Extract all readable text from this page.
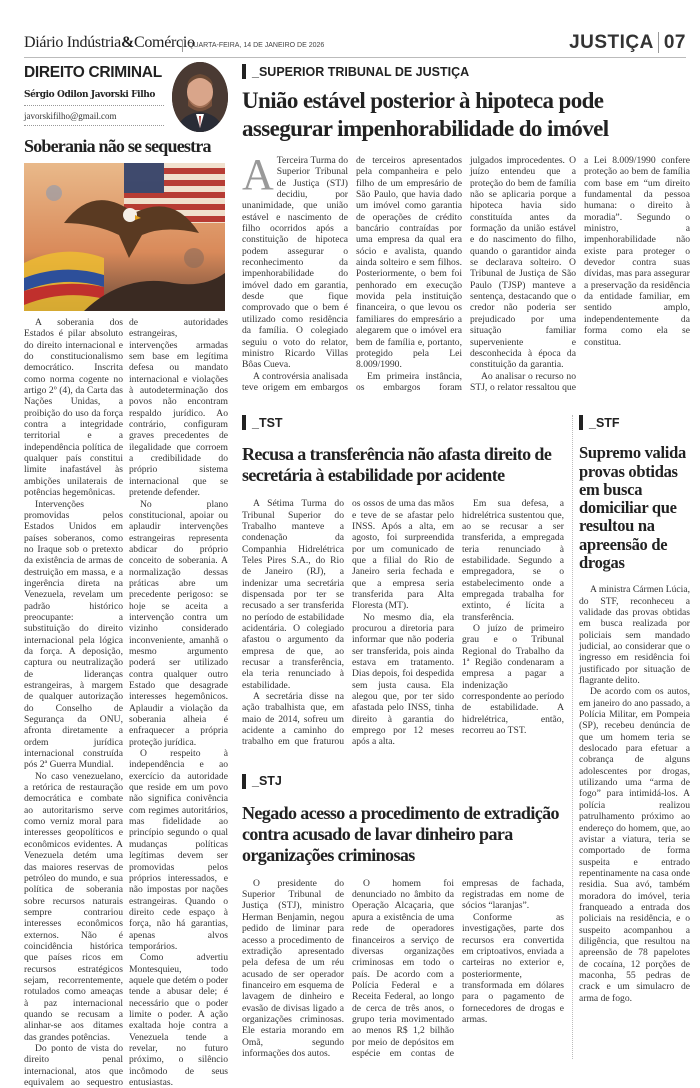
Diário Indústria&Comércio
QUARTA-FEIRA, 14 DE JANEIRO DE 2026	JUSTIÇA 07
DIREITO CRIMINAL
Sérgio Odilon Javorski Filho
javorskifilho@gmail.com
Soberania não se sequestra

A soberania dos Estados é pilar absoluto do direito internacional e do constitucionalismo democrático. Inscrita como norma cogente no artigo 2º (4), da Carta das Nações Unidas, a proibição do uso da força contra a integridade territorial e a independência política de qualquer país constitui limite inafastável às ambições unilaterais de potências hegemônicas.

Intervenções promovidas pelos Estados Unidos em países soberanos, como no Iraque sob o pretexto da existência de armas de destruição em massa, e a ingerência direta na Venezuela, revelam um padrão histórico preocupante: a substituição do direito internacional pela lógica da força. A deposição, captura ou neutralização de lideranças estrangeiras, à margem de qualquer autorização do Conselho de Segurança da ONU, afronta diretamente a ordem jurídica internacional construída pós 2ª Guerra Mundial.

No caso venezuelano, a retórica de restauração democrática e combate ao autoritarismo serve como verniz moral para interesses geopolíticos e econômicos evidentes. A Venezuela detém uma das maiores reservas de petróleo do mundo, e sua política de soberania sobre recursos naturais sempre contrariou interesses econômicos externos. Não é coincidência histórica que países ricos em recursos estratégicos sejam, recorrentemente, rotulados como ameaças à paz internacional quando se recusam a alinhar-se aos ditames das grandes potências.

Do ponto de vista do direito penal internacional, atos que equivalem ao sequestro de autoridades estrangeiras, intervenções armadas sem base em legítima defesa ou mandato internacional e violações à autodeterminação dos povos não encontram respaldo jurídico. Ao contrário, configuram graves precedentes de ilegalidade que corroem a credibilidade do próprio sistema internacional que se pretende defender.

No plano constitucional, apoiar ou aplaudir intervenções estrangeiras representa abdicar do próprio conceito de soberania. A normalização dessas práticas abre um precedente perigoso: se hoje se aceita a intervenção contra um vizinho considerado inconveniente, amanhã o mesmo argumento poderá ser utilizado contra qualquer outro Estado que desagrade interesses hegemônicos. Aplaudir a violação da soberania alheia é enfraquecer a própria proteção jurídica.

O respeito à independência e ao exercício da autoridade que reside em um povo não significa conivência com regimes autoritários, mas fidelidade ao princípio segundo o qual mudanças políticas legítimas devem ser promovidas pelos próprios interessados, e não impostas por nações estrangeiras. Quando o direito cede espaço à força, não há garantias, apenas alvos temporários.

Como advertiu Montesquieu, todo aquele que detém o poder tende a abusar dele; é necessário que o poder limite o poder. A ação exaltada hoje contra a Venezuela tende a revelar, no futuro próximo, o silêncio incômodo de seus entusiastas.

_SUPERIOR TRIBUNAL DE JUSTIÇA
União estável posterior à hipoteca pode assegurar impenhorabilidade do imóvel

A Terceira Turma do Superior Tribunal de Justiça (STJ) decidiu, por unanimidade, que união estável e nascimento de filho ocorridos após a constituição de hipoteca podem assegurar o reconhecimento da impenhorabilidade do imóvel dado em garantia, desde que fique comprovado que o bem é utilizado como residência da família. O colegiado seguiu o voto do relator, ministro Ricardo Villas Bôas Cueva.

A controvérsia analisada teve origem em embargos de terceiros apresentados pela companheira e pelo filho de um empresário de São Paulo, que havia dado um imóvel como garantia de operações de crédito bancário contraídas por uma empresa da qual era sócio e avalista, quando ainda solteiro e sem filhos. Posteriormente, o bem foi penhorado em execução movida pela instituição financeira, o que levou os familiares do empresário a alegarem que o imóvel era bem de família e, portanto, protegido pela Lei 8.009/1990.

Em primeira instância, os embargos foram julgados improcedentes. O juízo entendeu que a proteção do bem de família não se aplicaria porque a hipoteca havia sido constituída antes da formação da união estável e do nascimento do filho, quando o garantidor ainda se declarava solteiro. O Tribunal de Justiça de São Paulo (TJSP) manteve a sentença, destacando que o credor não poderia ser prejudicado por uma situação familiar superveniente e desconhecida à época da constituição da garantia.

Ao analisar o recurso no STJ, o relator ressaltou que a Lei 8.009/1990 confere proteção ao bem de família com base em “um direito fundamental da pessoa humana: o direito à moradia”. Segundo o ministro, a impenhorabilidade não existe para proteger o devedor contra suas dívidas, mas para assegurar a preservação da residência da entidade familiar, em sentido amplo, independentemente da forma como ela se constitua.

_TST
Recusa a transferência não afasta direito de secretária à estabilidade por acidente

A Sétima Turma do Tribunal Superior do Trabalho manteve a condenação da Companhia Hidrelétrica Teles Pires S.A., do Rio de Janeiro (RJ), a indenizar uma secretária dispensada por ter se recusado a ser transferida no período de estabilidade acidentária. O colegiado afastou o argumento da empresa de que, ao recusar a transferência, ela teria renunciado à estabilidade.

A secretária disse na ação trabalhista que, em maio de 2014, sofreu um acidente a caminho do trabalho em que fraturou os ossos de uma das mãos e teve de se afastar pelo INSS. Após a alta, em agosto, foi surpreendida por um comunicado de que a filial do Rio de Janeiro seria fechada e que a empresa seria transferida para Alta Floresta (MT).

No mesmo dia, ela procurou a diretoria para informar que não poderia ser transferida, pois ainda estava em tratamento. Dias depois, foi despedida sem justa causa. Ela alegou que, por ter sido afastada pelo INSS, tinha direito à garantia do emprego por 12 meses após a alta.

Em sua defesa, a hidrelétrica sustentou que, ao se recusar a ser transferida, a empregada teria renunciado à estabilidade. Segundo a empregadora, se o estabelecimento onde a empregada trabalha for extinto, é lícita a transferência.

O juízo de primeiro grau e o Tribunal Regional do Trabalho da 1ª Região condenaram a empresa a pagar a indenização correspondente ao período de estabilidade. A hidrelétrica, então, recorreu ao TST.

_STJ
Negado acesso a procedimento de extradição contra acusado de lavar dinheiro para organizações criminosas

O presidente do Superior Tribunal de Justiça (STJ), ministro Herman Benjamin, negou pedido de liminar para acesso a procedimento de extradição apresentado pela defesa de um réu acusado de ser operador financeiro em esquema de lavagem de dinheiro e evasão de divisas ligado a organizações criminosas. Ele estaria morando em Omã, segundo informações dos autos.

O homem foi denunciado no âmbito da Operação Alcaçaria, que apura a existência de uma rede de operadores financeiros a serviço de diversas organizações criminosas em todo o país. De acordo com a Polícia Federal e a Receita Federal, ao longo de cerca de três anos, o grupo teria movimentado ao menos R$ 1,2 bilhão por meio de depósitos em espécie em contas de empresas de fachada, registradas em nome de sócios “laranjas”.

Conforme as investigações, parte dos recursos era convertida em criptoativos, enviada a carteiras no exterior e, posteriormente, transformada em dólares para o pagamento de fornecedores de drogas e armas.

_STF
Supremo valida provas obtidas em busca domiciliar que resultou na apreensão de drogas

A ministra Cármen Lúcia, do STF, reconheceu a validade das provas obtidas em busca realizada por policiais sem mandado judicial, ao considerar que o ingresso em residência foi justificado por situação de flagrante delito.

De acordo com os autos, em janeiro do ano passado, a Polícia Militar, em Pompeia (SP), recebeu denúncia de que um homem teria se deslocado para efetuar a cobrança de alguns adolescentes por drogas, utilizando uma “arma de fogo” para intimidá-los. A polícia realizou patrulhamento próximo ao endereço do homem, que, ao avistar a viatura, teria se comportado de forma suspeita e entrado repentinamente na casa onde residia. Sua avó, também moradora do imóvel, teria franqueado a entrada dos policiais na residência, e o suspeito acompanhou a diligência, que resultou na apreensão de 78 papelotes de cocaína, 12 porções de maconha, 55 pedras de crack e um simulacro de arma de fogo.
